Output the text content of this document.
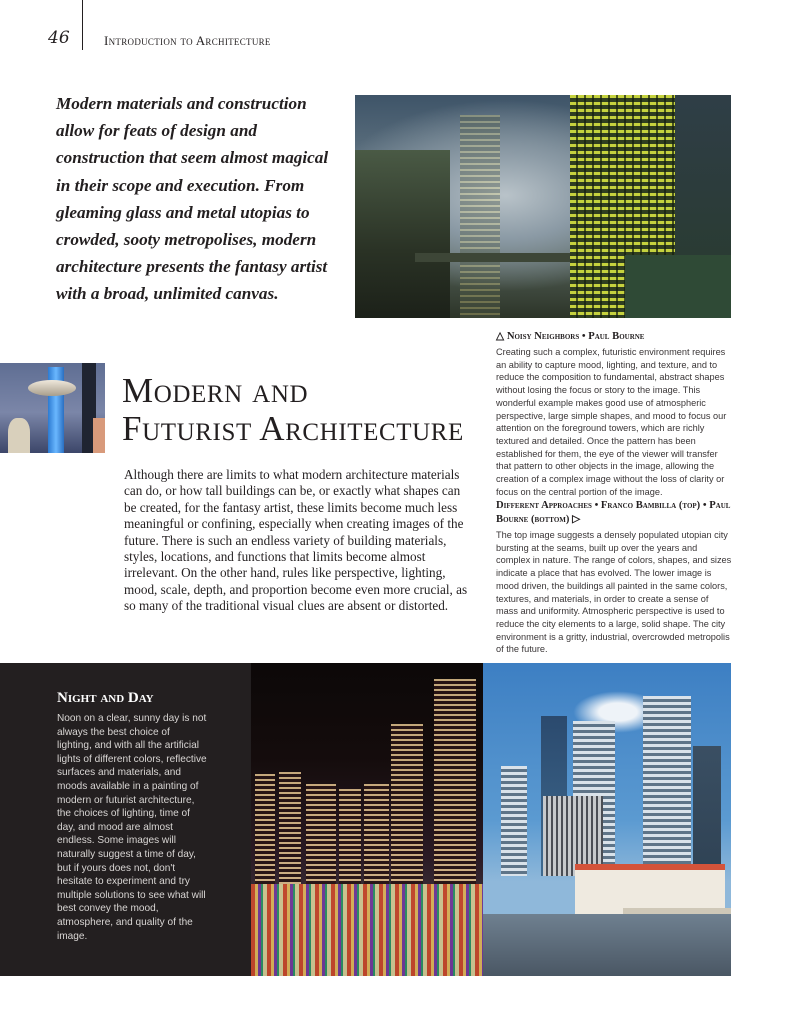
46	Introduction to Architecture
Modern materials and construction allow for feats of design and construction that seem almost magical in their scope and execution. From gleaming glass and metal utopias to crowded, sooty metropolises, modern architecture presents the fantasy artist with a broad, unlimited canvas.
Modern and
Futurist Architecture

Although there are limits to what modern architecture materials can do, or how tall buildings can be, or exactly what shapes can be created, for the fantasy artist, these limits become much less meaningful or confining, especially when creating images of the future. There is such an endless variety of building materials, styles, locations, and functions that limits become almost irrelevant. On the other hand, rules like perspective, lighting, mood, scale, depth, and proportion become even more crucial, as so many of the traditional visual clues are absent or distorted.

△ Noisy Neighbors • Paul Bourne
Creating such a complex, futuristic environment requires an ability to capture mood, lighting, and texture, and to reduce the composition to fundamental, abstract shapes without losing the focus or story to the image. This wonderful example makes good use of atmospheric perspective, large simple shapes, and mood to focus our attention on the foreground towers, which are richly textured and detailed. Once the pattern has been established for them, the eye of the viewer will transfer that pattern to other objects in the image, allowing the creation of a complex image without the loss of clarity or focus on the central portion of the image.
Different Approaches • Franco Bambilla (top) • Paul Bourne (bottom) ▷
The top image suggests a densely populated utopian city bursting at the seams, built up over the years and complex in nature. The range of colors, shapes, and sizes indicate a place that has evolved. The lower image is mood driven, the buildings all painted in the same colors, textures, and materials, in order to create a sense of mass and uniformity. Atmospheric perspective is used to reduce the city elements to a large, solid shape. The city environment is a gritty, industrial, overcrowded metropolis of the future.
Night and Day
Noon on a clear, sunny day is not always the best choice of lighting, and with all the artificial lights of different colors, reflective surfaces and materials, and moods available in a painting of modern or futurist architecture, the choices of lighting, time of day, and mood are almost endless. Some images will naturally suggest a time of day, but if yours does not, don't hesitate to experiment and try multiple solutions to see what will best convey the mood, atmosphere, and quality of the image.
